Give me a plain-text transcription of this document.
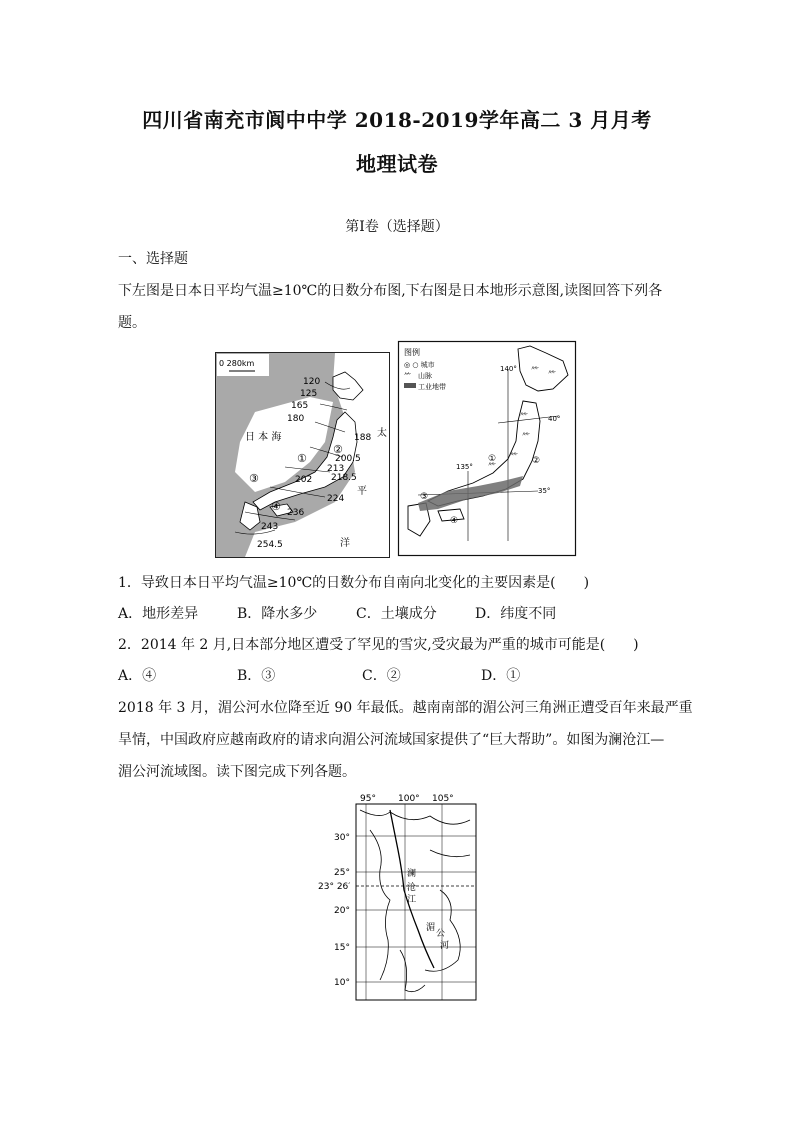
四川省南充市阆中中学 2018-2019学年高二 3 月月考
地理试卷
第Ⅰ卷（选择题）
一、选择题
下左图是日本日平均气温≥10℃的日数分布图,下右图是日本地形示意图,读图回答下列各
题。
0 280km
120
125
165
180
188
日 本 海	太
平
洋
①
②
③
④
200.5
213
218.5
202
224
236
243
254.5
图例
◎ ○ 城市
⺮ 山脉
工业地带
140°
40°
135°
35°
⺮ ⺮
⺮
⺮
⺮
⺮
①	②
③
④
1．导致日本日平均气温≥10℃的日数分布自南向北变化的主要因素是(　　)
A．地形差异	B．降水多少	C．土壤成分	D．纬度不同
2．2014 年 2 月,日本部分地区遭受了罕见的雪灾,受灾最为严重的城市可能是(　　)
A．④	B．③	C．②	D．①
2018 年 3 月，湄公河水位降至近 90 年最低。越南南部的湄公河三角洲正遭受百年来最严重
旱情，中国政府应越南政府的请求向湄公河流域国家提供了“巨大帮助”。如图为澜沧江—
湄公河流域图。读下图完成下列各题。
95° 100° 105°
30°
25°
23° 26′
20°
15°
10°
澜
沧
江
湄
公
河
